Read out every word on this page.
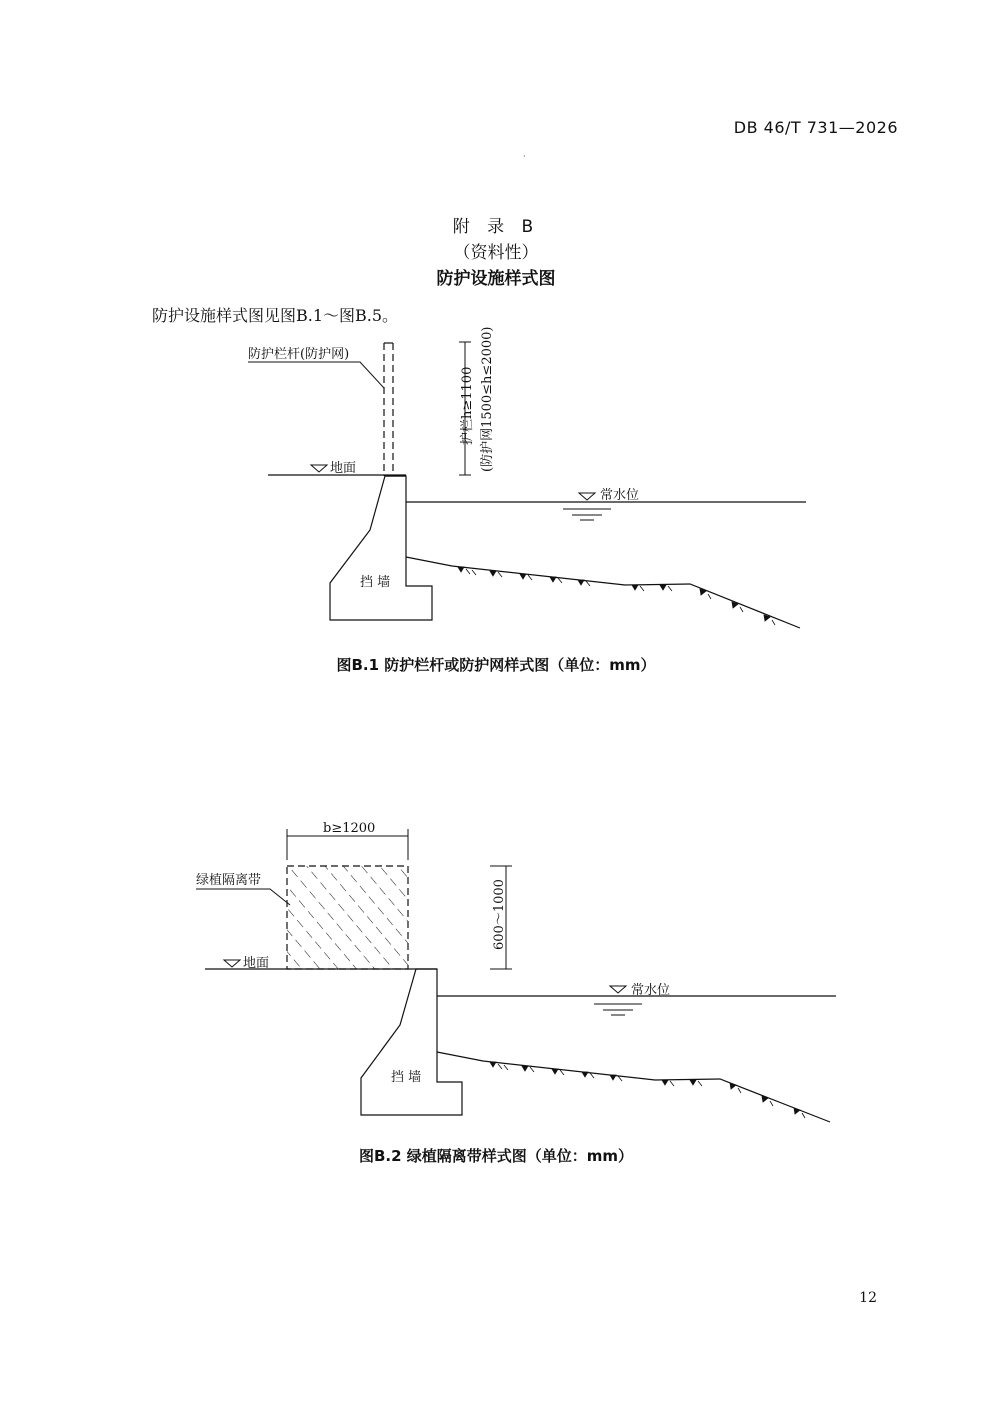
DB 46/T 731—2026
·
附 录 B
（资料性）
防护设施样式图
防护设施样式图见图B.1～图B.5。
防护栏杆(防护网)
地面
常水位
挡 墙
护栏h≥1100 (防护网1500≤h≤2000)
b≥1200
绿植隔离带
地面
常水位
挡 墙
600～1000
图B.1 防护栏杆或防护网样式图（单位：mm）
图B.2 绿植隔离带样式图（单位：mm）
12
